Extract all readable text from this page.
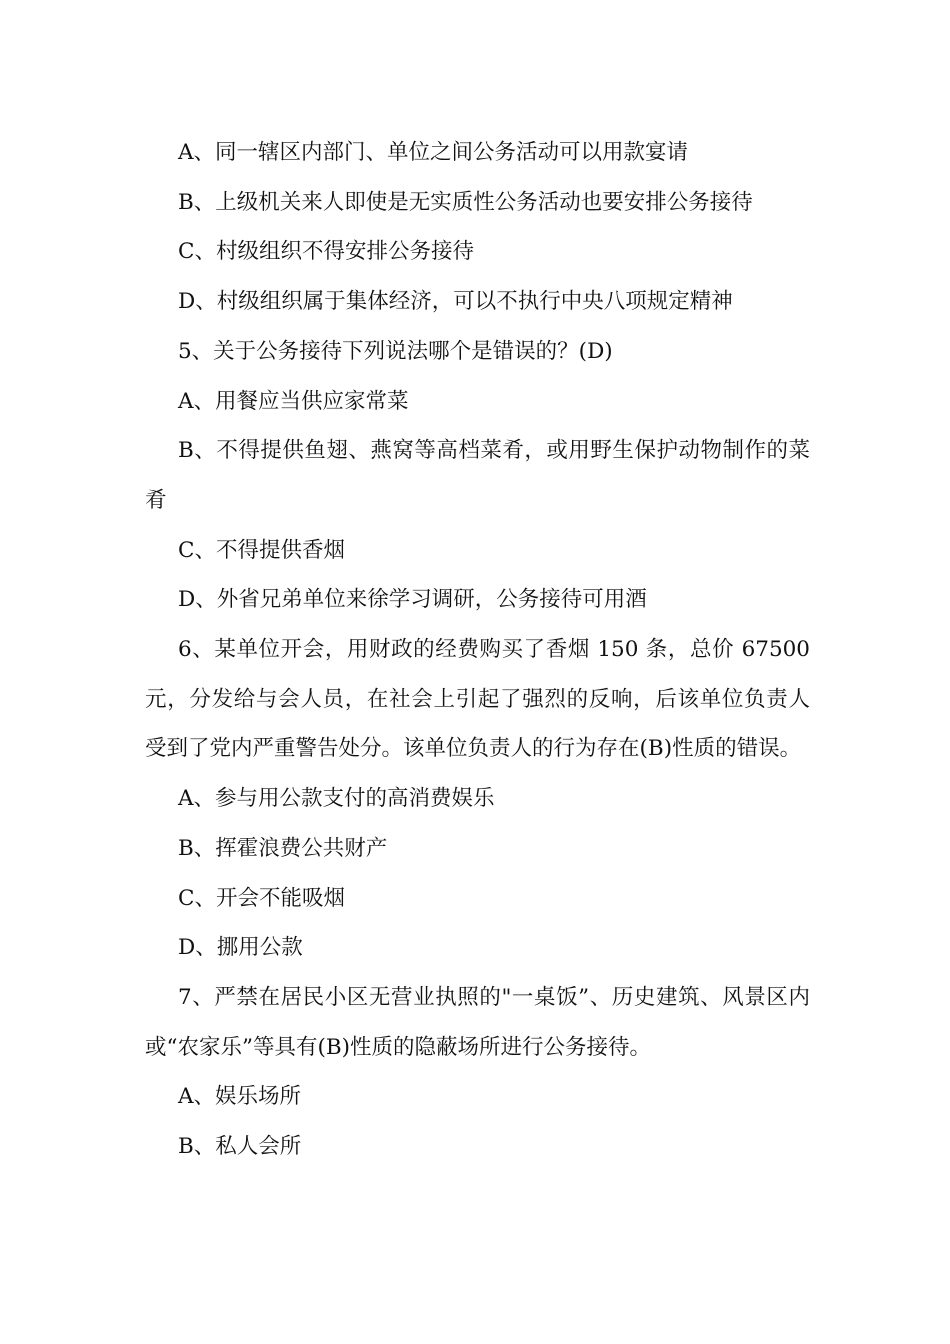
A、同一辖区内部门、单位之间公务活动可以用款宴请

B、上级机关来人即使是无实质性公务活动也要安排公务接待

C、村级组织不得安排公务接待

D、村级组织属于集体经济，可以不执行中央八项规定精神

5、关于公务接待下列说法哪个是错误的？(D)

A、用餐应当供应家常菜

B、不得提供鱼翅、燕窝等高档菜肴，或用野生保护动物制作的菜肴

C、不得提供香烟

D、外省兄弟单位来徐学习调研，公务接待可用酒

6、某单位开会，用财政的经费购买了香烟 150 条，总价 67500 元，分发给与会人员，在社会上引起了强烈的反响，后该单位负责人受到了党内严重警告处分。该单位负责人的行为存在(B)性质的错误。

A、参与用公款支付的高消费娱乐

B、挥霍浪费公共财产

C、开会不能吸烟

D、挪用公款

7、严禁在居民小区无营业执照的"一桌饭”、历史建筑、风景区内或“农家乐”等具有(B)性质的隐蔽场所进行公务接待。

A、娱乐场所

B、私人会所
